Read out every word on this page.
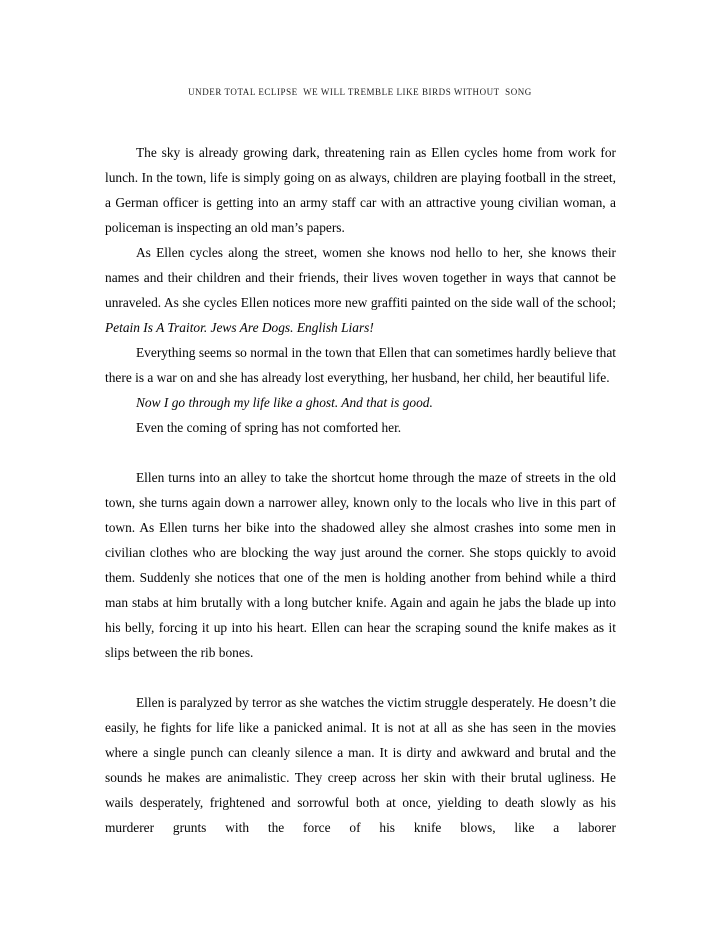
UNDER TOTAL ECLIPSE  WE WILL TREMBLE LIKE BIRDS WITHOUT  SONG

The sky is already growing dark, threatening rain as Ellen cycles home from work for lunch. In the town, life is simply going on as always, children are playing football in the street, a German officer is getting into an army staff car with an attractive young civilian woman, a policeman is inspecting an old man’s papers.

As Ellen cycles along the street, women she knows nod hello to her, she knows their names and their children and their friends, their lives woven together in ways that cannot be unraveled. As she cycles Ellen notices more new graffiti painted on the side wall of the school; Petain Is A Traitor. Jews Are Dogs. English Liars!

Everything seems so normal in the town that Ellen that can sometimes hardly believe that there is a war on and she has already lost everything, her husband, her child, her beautiful life.

Now I go through my life like a ghost. And that is good.

Even the coming of spring has not comforted her.

Ellen turns into an alley to take the shortcut home through the maze of streets in the old town, she turns again down a narrower alley, known only to the locals who live in this part of town. As Ellen turns her bike into the shadowed alley she almost crashes into some men in civilian clothes who are blocking the way just around the corner. She stops quickly to avoid them. Suddenly she notices that one of the men is holding another from behind while a third man stabs at him brutally with a long butcher knife. Again and again he jabs the blade up into his belly, forcing it up into his heart. Ellen can hear the scraping sound the knife makes as it slips between the rib bones.

Ellen is paralyzed by terror as she watches the victim struggle desperately. He doesn’t die easily, he fights for life like a panicked animal. It is not at all as she has seen in the movies where a single punch can cleanly silence a man. It is dirty and awkward and brutal and the sounds he makes are animalistic. They creep across her skin with their brutal ugliness. He wails desperately, frightened and sorrowful both at once, yielding to death slowly as his murderer grunts with the force of his knife blows, like a laborer
